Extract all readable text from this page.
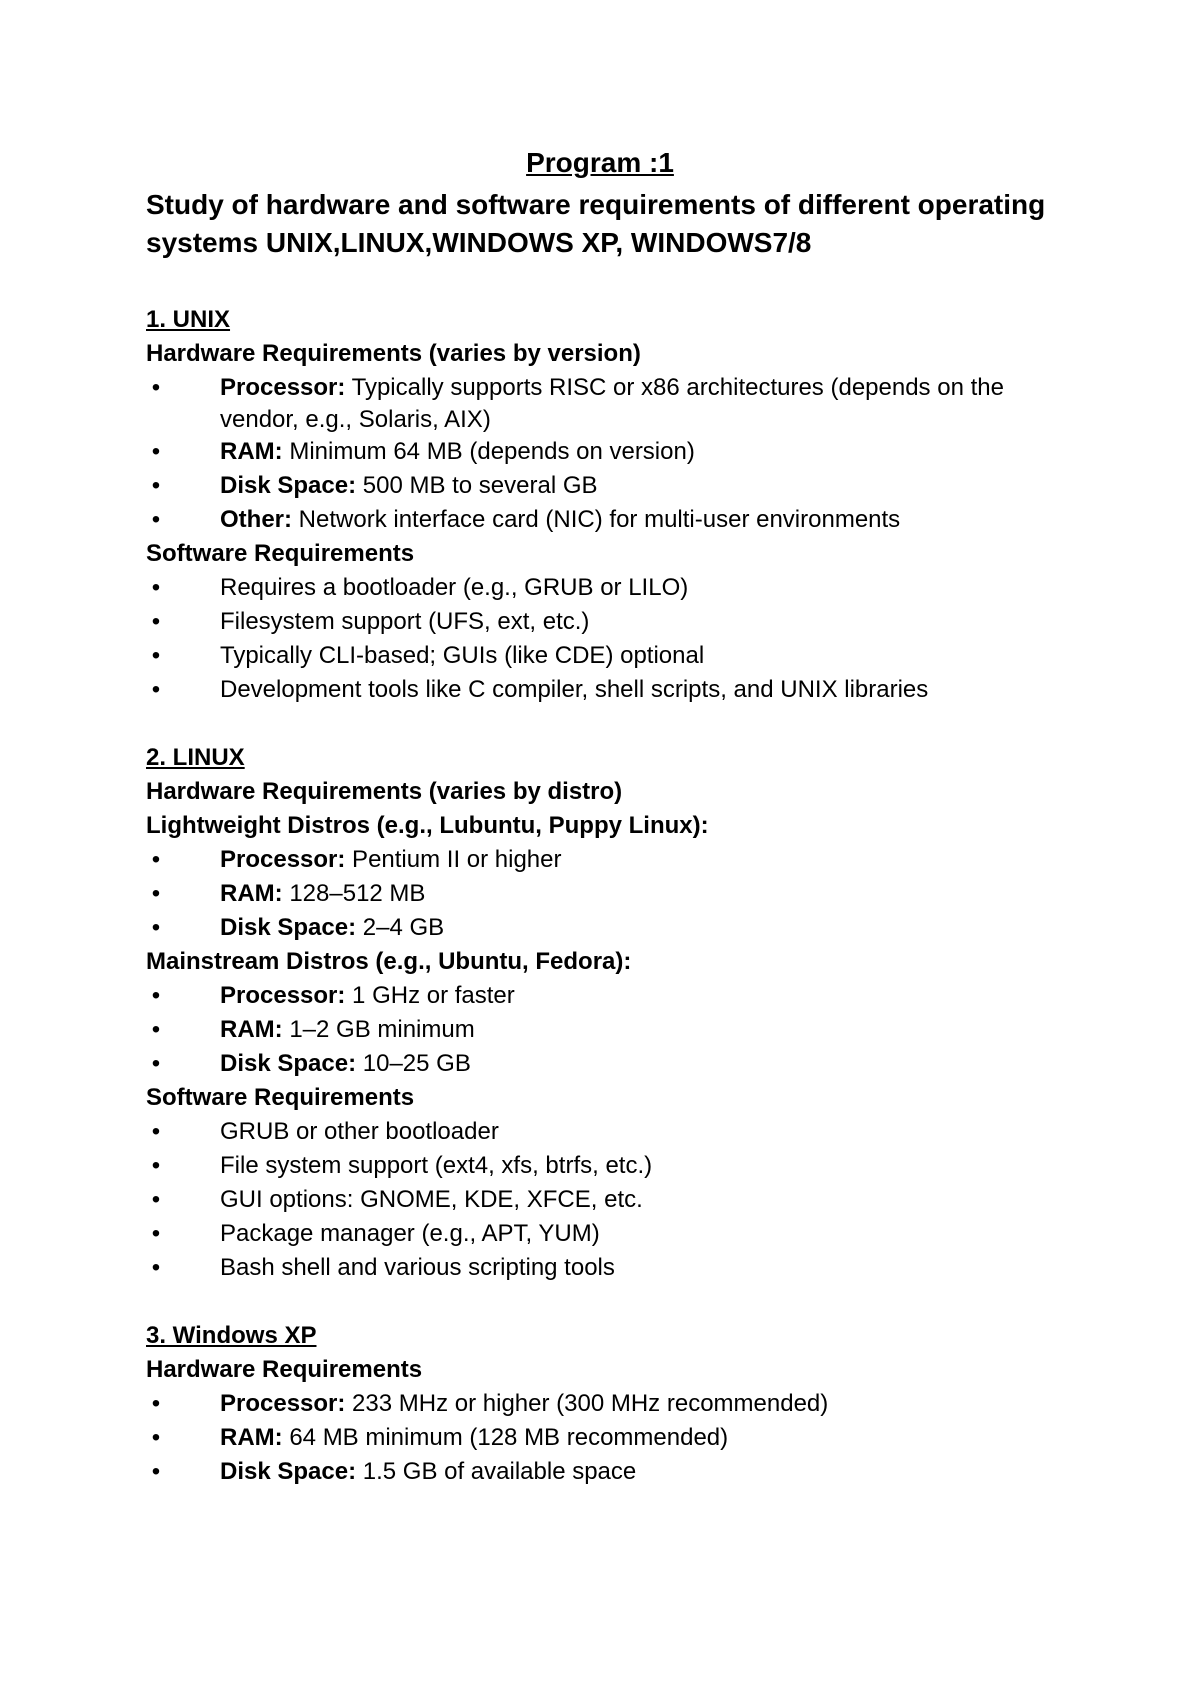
Program :1
Study of hardware and software requirements of different operating systems UNIX,LINUX,WINDOWS XP, WINDOWS7/8
1. UNIX
Hardware Requirements (varies by version)
• Processor: Typically supports RISC or x86 architectures (depends on the vendor, e.g., Solaris, AIX)
• RAM: Minimum 64 MB (depends on version)
• Disk Space: 500 MB to several GB
• Other: Network interface card (NIC) for multi-user environments
Software Requirements
• Requires a bootloader (e.g., GRUB or LILO)
• Filesystem support (UFS, ext, etc.)
• Typically CLI-based; GUIs (like CDE) optional
• Development tools like C compiler, shell scripts, and UNIX libraries
2. LINUX
Hardware Requirements (varies by distro)
Lightweight Distros (e.g., Lubuntu, Puppy Linux):
• Processor: Pentium II or higher
• RAM: 128–512 MB
• Disk Space: 2–4 GB
Mainstream Distros (e.g., Ubuntu, Fedora):
• Processor: 1 GHz or faster
• RAM: 1–2 GB minimum
• Disk Space: 10–25 GB
Software Requirements
• GRUB or other bootloader
• File system support (ext4, xfs, btrfs, etc.)
• GUI options: GNOME, KDE, XFCE, etc.
• Package manager (e.g., APT, YUM)
• Bash shell and various scripting tools
3. Windows XP
Hardware Requirements
• Processor: 233 MHz or higher (300 MHz recommended)
• RAM: 64 MB minimum (128 MB recommended)
• Disk Space: 1.5 GB of available space
